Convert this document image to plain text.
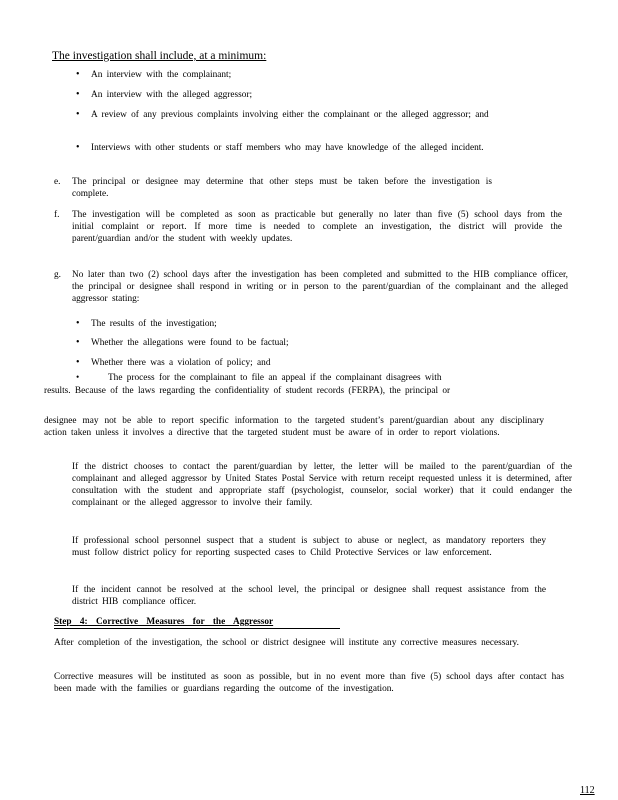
The investigation shall include, at a minimum:
• An interview with the complainant;
• An interview with the alleged aggressor;
• A review of any previous complaints involving either the complainant or the alleged aggressor; and
• Interviews with other students or staff members who may have knowledge of the alleged incident.
e. The principal or designee may determine that other steps must be taken before the investigation is complete.
f. The investigation will be completed as soon as practicable but generally no later than five (5) school days from the initial complaint or report. If more time is needed to complete an investigation, the district will provide the parent/guardian and/or the student with weekly updates.
g. No later than two (2) school days after the investigation has been completed and submitted to the HIB compliance officer, the principal or designee shall respond in writing or in person to the parent/guardian of the complainant and the alleged aggressor stating:
• The results of the investigation;
• Whether the allegations were found to be factual;
• Whether there was a violation of policy; and
•	The process for the complainant to file an appeal if the complainant disagrees with
results. Because of the laws regarding the confidentiality of student records (FERPA), the principal or
designee may not be able to report specific information to the targeted student’s parent/guardian about any disciplinary action taken unless it involves a directive that the targeted student must be aware of in order to report violations.
If the district chooses to contact the parent/guardian by letter, the letter will be mailed to the parent/guardian of the complainant and alleged aggressor by United States Postal Service with return receipt requested unless it is determined, after consultation with the student and appropriate staff (psychologist, counselor, social worker) that it could endanger the complainant or the alleged aggressor to involve their family.
If professional school personnel suspect that a student is subject to abuse or neglect, as mandatory reporters they must follow district policy for reporting suspected cases to Child Protective Services or law enforcement.
If the incident cannot be resolved at the school level, the principal or designee shall request assistance from the district HIB compliance officer.
Step 4: Corrective Measures for the Aggressor
After completion of the investigation, the school or district designee will institute any corrective measures necessary.
Corrective measures will be instituted as soon as possible, but in no event more than five (5) school days after contact has been made with the families or guardians regarding the outcome of the investigation.
112
